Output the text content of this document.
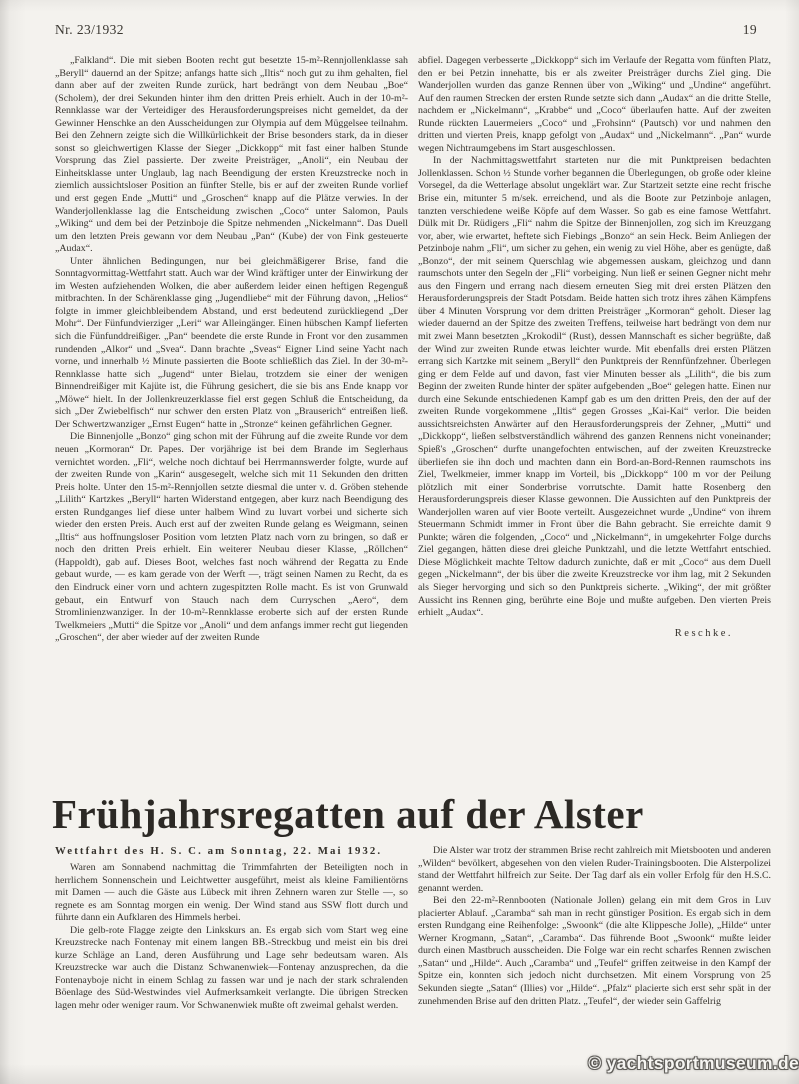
Nr. 23/1932	19

„Falkland“. Die mit sieben Booten recht gut besetzte 15-m²-Rennjollenklasse sah „Beryll“ dauernd an der Spitze; anfangs hatte sich „Iltis“ noch gut zu ihm gehalten, fiel dann aber auf der zweiten Runde zurück, hart bedrängt von dem Neubau „Boe“ (Scholem), der drei Sekunden hinter ihm den dritten Preis erhielt. Auch in der 10-m²-Rennklasse war der Verteidiger des Herausforderungspreises nicht gemeldet, da der Gewinner Henschke an den Ausscheidungen zur Olympia auf dem Müggelsee teilnahm. Bei den Zehnern zeigte sich die Willkürlichkeit der Brise besonders stark, da in dieser sonst so gleichwertigen Klasse der Sieger „Dickkopp“ mit fast einer halben Stunde Vorsprung das Ziel passierte. Der zweite Preisträger, „Anoli“, ein Neubau der Einheitsklasse unter Unglaub, lag nach Beendigung der ersten Kreuzstrecke noch in ziemlich aussichtsloser Position an fünfter Stelle, bis er auf der zweiten Runde vorlief und erst gegen Ende „Mutti“ und „Groschen“ knapp auf die Plätze verwies. In der Wanderjollenklasse lag die Entscheidung zwischen „Coco“ unter Salomon, Pauls „Wiking“ und dem bei der Petzinboje die Spitze nehmenden „Nickelmann“. Das Duell um den letzten Preis gewann vor dem Neubau „Pan“ (Kube) der von Fink gesteuerte „Audax“.

Unter ähnlichen Bedingungen, nur bei gleichmäßigerer Brise, fand die Sonntagvormittag-Wettfahrt statt. Auch war der Wind kräftiger unter der Einwirkung der im Westen aufziehenden Wolken, die aber außerdem leider einen heftigen Regenguß mitbrachten. In der Schärenklasse ging „Jugendliebe“ mit der Führung davon, „Helios“ folgte in immer gleichbleibendem Abstand, und erst bedeutend zurückliegend „Der Mohr“. Der Fünfundvierziger „Leri“ war Alleingänger. Einen hübschen Kampf lieferten sich die Fünfunddreißiger. „Pan“ beendete die erste Runde in Front vor den zusammen rundenden „Alkor“ und „Svea“. Dann brachte „Sveas“ Eigner Lind seine Yacht nach vorne, und innerhalb ½ Minute passierten die Boote schließlich das Ziel. In der 30-m²-Rennklasse hatte sich „Jugend“ unter Bielau, trotzdem sie einer der wenigen Binnendreißiger mit Kajüte ist, die Führung gesichert, die sie bis ans Ende knapp vor „Möwe“ hielt. In der Jollenkreuzerklasse fiel erst gegen Schluß die Entscheidung, da sich „Der Zwiebelfisch“ nur schwer den ersten Platz von „Brauserich“ entreißen ließ. Der Schwertzwanziger „Ernst Eugen“ hatte in „Stronze“ keinen gefährlichen Gegner.

Die Binnenjolle „Bonzo“ ging schon mit der Führung auf die zweite Runde vor dem neuen „Kormoran“ Dr. Papes. Der vorjährige ist bei dem Brande im Seglerhaus vernichtet worden. „Fli“, welche noch dichtauf bei Herrmannswerder folgte, wurde auf der zweiten Runde von „Karin“ ausgesegelt, welche sich mit 11 Sekunden den dritten Preis holte. Unter den 15-m²-Rennjollen setzte diesmal die unter v. d. Gröben stehende „Lilith“ Kartzkes „Beryll“ harten Widerstand entgegen, aber kurz nach Beendigung des ersten Rundganges lief diese unter halbem Wind zu luvart vorbei und sicherte sich wieder den ersten Preis. Auch erst auf der zweiten Runde gelang es Weigmann, seinen „Iltis“ aus hoffnungsloser Position vom letzten Platz nach vorn zu bringen, so daß er noch den dritten Preis erhielt. Ein weiterer Neubau dieser Klasse, „Röllchen“ (Happoldt), gab auf. Dieses Boot, welches fast noch während der Regatta zu Ende gebaut wurde, — es kam gerade von der Werft —, trägt seinen Namen zu Recht, da es den Eindruck einer vorn und achtern zugespitzten Rolle macht. Es ist von Grunwald gebaut, ein Entwurf von Stauch nach dem Curryschen „Aero“, dem Stromlinienzwanziger. In der 10-m²-Rennklasse eroberte sich auf der ersten Runde Twelkmeiers „Mutti“ die Spitze vor „Anoli“ und dem anfangs immer recht gut liegenden „Groschen“, der aber wieder auf der zweiten Runde

abfiel. Dagegen verbesserte „Dickkopp“ sich im Verlaufe der Regatta vom fünften Platz, den er bei Petzin innehatte, bis er als zweiter Preisträger durchs Ziel ging. Die Wanderjollen wurden das ganze Rennen über von „Wiking“ und „Undine“ angeführt. Auf den raumen Strecken der ersten Runde setzte sich dann „Audax“ an die dritte Stelle, nachdem er „Nickelmann“, „Krabbe“ und „Coco“ überlaufen hatte. Auf der zweiten Runde rückten Lauermeiers „Coco“ und „Frohsinn“ (Pautsch) vor und nahmen den dritten und vierten Preis, knapp gefolgt von „Audax“ und „Nickelmann“. „Pan“ wurde wegen Nichtraumgebens im Start ausgeschlossen.

In der Nachmittagswettfahrt starteten nur die mit Punktpreisen bedachten Jollenklassen. Schon ½ Stunde vorher begannen die Überlegungen, ob große oder kleine Vorsegel, da die Wetterlage absolut ungeklärt war. Zur Startzeit setzte eine recht frische Brise ein, mitunter 5 m/sek. erreichend, und als die Boote zur Petzinboje anlagen, tanzten verschiedene weiße Köpfe auf dem Wasser. So gab es eine famose Wettfahrt. Dülk mit Dr. Rüdigers „Fli“ nahm die Spitze der Binnenjollen, zog sich im Kreuzgang vor, aber, wie erwartet, heftete sich Fiebings „Bonzo“ an sein Heck. Beim Anliegen der Petzinboje nahm „Fli“, um sicher zu gehen, ein wenig zu viel Höhe, aber es genügte, daß „Bonzo“, der mit seinem Querschlag wie abgemessen auskam, gleichzog und dann raumschots unter den Segeln der „Fli“ vorbeiging. Nun ließ er seinen Gegner nicht mehr aus den Fingern und errang nach diesem erneuten Sieg mit drei ersten Plätzen den Herausforderungspreis der Stadt Potsdam. Beide hatten sich trotz ihres zähen Kämpfens über 4 Minuten Vorsprung vor dem dritten Preisträger „Kormoran“ geholt. Dieser lag wieder dauernd an der Spitze des zweiten Treffens, teilweise hart bedrängt von dem nur mit zwei Mann besetzten „Krokodil“ (Rust), dessen Mannschaft es sicher begrüßte, daß der Wind zur zweiten Runde etwas leichter wurde. Mit ebenfalls drei ersten Plätzen errang sich Kartzke mit seinem „Beryll“ den Punktpreis der Rennfünfzehner. Überlegen ging er dem Felde auf und davon, fast vier Minuten besser als „Lilith“, die bis zum Beginn der zweiten Runde hinter der später aufgebenden „Boe“ gelegen hatte. Einen nur durch eine Sekunde entschiedenen Kampf gab es um den dritten Preis, den der auf der zweiten Runde vorgekommene „Iltis“ gegen Grosses „Kai-Kai“ verlor. Die beiden aussichtsreichsten Anwärter auf den Herausforderungspreis der Zehner, „Mutti“ und „Dickkopp“, ließen selbstverständlich während des ganzen Rennens nicht voneinander; Spieß's „Groschen“ durfte unangefochten entwischen, auf der zweiten Kreuzstrecke überliefen sie ihn doch und machten dann ein Bord-an-Bord-Rennen raumschots ins Ziel, Twelkmeier, immer knapp im Vorteil, bis „Dickkopp“ 100 m vor der Peilung plötzlich mit einer Sonderbrise vorrutschte. Damit hatte Rosenberg den Herausforderungspreis dieser Klasse gewonnen. Die Aussichten auf den Punktpreis der Wanderjollen waren auf vier Boote verteilt. Ausgezeichnet wurde „Undine“ von ihrem Steuermann Schmidt immer in Front über die Bahn gebracht. Sie erreichte damit 9 Punkte; wären die folgenden, „Coco“ und „Nickelmann“, in umgekehrter Folge durchs Ziel gegangen, hätten diese drei gleiche Punktzahl, und die letzte Wettfahrt entschied. Diese Möglichkeit machte Teltow dadurch zunichte, daß er mit „Coco“ aus dem Duell gegen „Nickelmann“, der bis über die zweite Kreuzstrecke vor ihm lag, mit 2 Sekunden als Sieger hervorging und sich so den Punktpreis sicherte. „Wiking“, der mit größter Aussicht ins Rennen ging, berührte eine Boje und mußte aufgeben. Den vierten Preis erhielt „Audax“.

Reschke.

Frühjahrsregatten auf der Alster
Wettfahrt des H. S. C. am Sonntag, 22. Mai 1932.

Waren am Sonnabend nachmittag die Trimmfahrten der Beteiligten noch in herrlichem Sonnenschein und Leichtwetter ausgeführt, meist als kleine Familientörns mit Damen — auch die Gäste aus Lübeck mit ihren Zehnern waren zur Stelle —, so regnete es am Sonntag morgen ein wenig. Der Wind stand aus SSW flott durch und führte dann ein Aufklaren des Himmels herbei.

Die gelb-rote Flagge zeigte den Linkskurs an. Es ergab sich vom Start weg eine Kreuzstrecke nach Fontenay mit einem langen BB.-Streckbug und meist ein bis drei kurze Schläge an Land, deren Ausführung und Lage sehr bedeutsam waren. Als Kreuzstrecke war auch die Distanz Schwanenwiek—Fontenay anzusprechen, da die Fontenayboje nicht in einem Schlag zu fassen war und je nach der stark schralenden Böenlage des Süd-Westwindes viel Aufmerksamkeit verlangte. Die übrigen Strecken lagen mehr oder weniger raum. Vor Schwanenwiek mußte oft zweimal gehalst werden.

Die Alster war trotz der strammen Brise recht zahlreich mit Mietsbooten und anderen „Wilden“ bevölkert, abgesehen von den vielen Ruder-Trainingsbooten. Die Alsterpolizei stand der Wettfahrt hilfreich zur Seite. Der Tag darf als ein voller Erfolg für den H.S.C. genannt werden.

Bei den 22-m²-Rennbooten (Nationale Jollen) gelang ein mit dem Gros in Luv placierter Ablauf. „Caramba“ sah man in recht günstiger Position. Es ergab sich in dem ersten Rundgang eine Reihenfolge: „Swoonk“ (die alte Klippesche Jolle), „Hilde“ unter Werner Krogmann, „Satan“, „Caramba“. Das führende Boot „Swoonk“ mußte leider durch einen Mastbruch ausscheiden. Die Folge war ein recht scharfes Rennen zwischen „Satan“ und „Hilde“. Auch „Caramba“ und „Teufel“ griffen zeitweise in den Kampf der Spitze ein, konnten sich jedoch nicht durchsetzen. Mit einem Vorsprung von 25 Sekunden siegte „Satan“ (Illies) vor „Hilde“. „Pfalz“ placierte sich erst sehr spät in der zunehmenden Brise auf den dritten Platz. „Teufel“, der wieder sein Gaffelrig

© yachtsportmuseum.de
